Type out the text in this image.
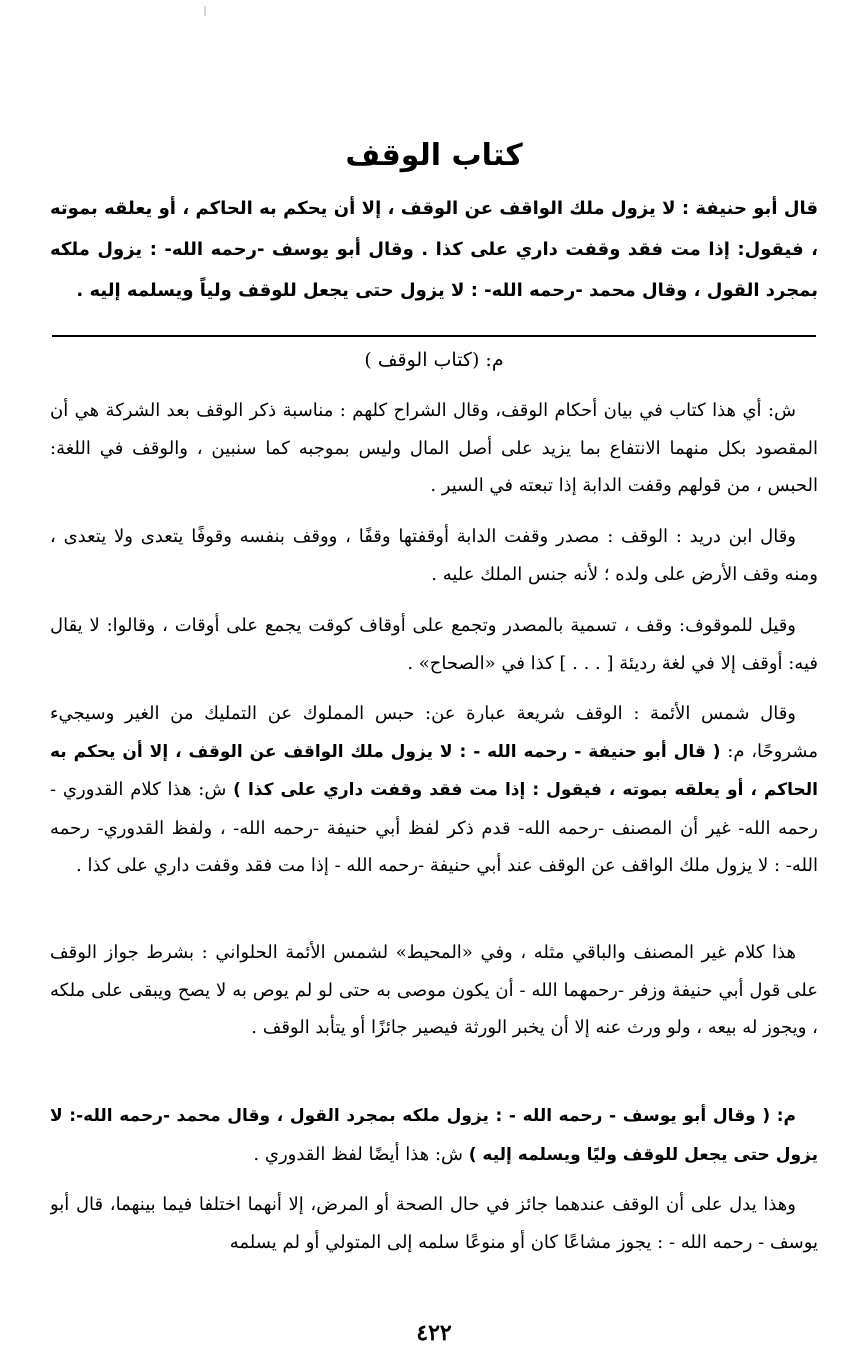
كتاب الوقف
قال أبو حنيفة : لا يزول ملك الواقف عن الوقف ، إلا أن يحكم به الحاكم ، أو يعلقه بموته ، فيقول: إذا مت فقد وقفت داري على كذا . وقال أبو يوسف -رحمه الله- : يزول ملكه بمجرد القول ، وقال محمد -رحمه الله- : لا يزول حتى يجعل للوقف ولياً ويسلمه إليه .
م: (كتاب الوقف )

ش: أي هذا كتاب في بيان أحكام الوقف، وقال الشراح كلهم : مناسبة ذكر الوقف بعد الشركة هي أن المقصود بكل منهما الانتفاع بما يزيد على أصل المال وليس بموجبه كما سنبين ، والوقف في اللغة: الحبس ، من قولهم وقفت الدابة إذا تبعته في السير .

وقال ابن دريد : الوقف : مصدر وقفت الدابة أوقفتها وقفًا ، ووقف بنفسه وقوفًا يتعدى ولا يتعدى ، ومنه وقف الأرض على ولده ؛ لأنه جنس الملك عليه .

وقيل للموقوف: وقف ، تسمية بالمصدر وتجمع على أوقاف كوقت يجمع على أوقات ، وقالوا: لا يقال فيه: أوقف إلا في لغة رديئة [ . . . ] كذا في «الصحاح» .

وقال شمس الأئمة : الوقف شريعة عبارة عن: حبس المملوك عن التمليك من الغير وسيجيء مشروحًا، م: ( قال أبو حنيفة - رحمه الله - : لا يزول ملك الواقف عن الوقف ، إلا أن يحكم به الحاكم ، أو يعلقه بموته ، فيقول : إذا مت فقد وقفت داري على كذا ) ش: هذا كلام القدوري - رحمه الله- غير أن المصنف -رحمه الله- قدم ذكر لفظ أبي حنيفة -رحمه الله- ، ولفظ القدوري- رحمه الله- : لا يزول ملك الواقف عن الوقف عند أبي حنيفة -رحمه الله - إذا مت فقد وقفت داري على كذا .

هذا كلام غير المصنف والباقي مثله ، وفي «المحيط» لشمس الأئمة الحلواني : بشرط جواز الوقف على قول أبي حنيفة وزفر -رحمهما الله - أن يكون موصى به حتى لو لم يوص به لا يصح ويبقى على ملكه ، ويجوز له بيعه ، ولو ورث عنه إلا أن يخبر الورثة فيصير جائزًا أو يتأبد الوقف .

م: ( وقال أبو يوسف - رحمه الله - : يزول ملكه بمجرد القول ، وقال محمد -رحمه الله-: لا يزول حتى يجعل للوقف وليًا ويسلمه إليه ) ش: هذا أيضًا لفظ القدوري .

وهذا يدل على أن الوقف عندهما جائز في حال الصحة أو المرض، إلا أنهما اختلفا فيما بينهما، قال أبو يوسف - رحمه الله - : يجوز مشاعًا كان أو منوعًا سلمه إلى المتولي أو لم يسلمه

٤٢٢
